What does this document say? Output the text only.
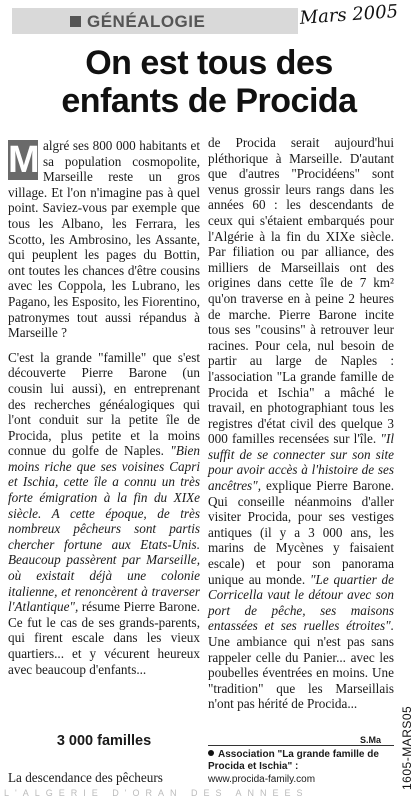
GÉNÉALOGIE	Mars 2005
On est tous des
enfants de Procida

M algré ses 800 000 habitants et sa population cosmopolite, Marseille reste un gros village. Et l'on n'imagine pas à quel point. Saviez-vous par exemple que tous les Albano, les Ferrara, les Scotto, les Ambrosino, les Assante, qui peuplent les pages du Bottin, ont toutes les chances d'être cousins avec les Coppola, les Lubrano, les Pagano, les Esposito, les Fiorentino, patronymes tout aussi répandus à Marseille ?

C'est la grande "famille" que s'est découverte Pierre Barone (un cousin lui aussi), en entreprenant des recherches généalogiques qui l'ont conduit sur la petite île de Procida, plus petite et la moins connue du golfe de Naples. "Bien moins riche que ses voisines Capri et Ischia, cette île a connu un très forte émigration à la fin du XIXe siècle. A cette époque, de très nombreux pêcheurs sont partis chercher fortune aux Etats-Unis. Beaucoup passèrent par Marseille, où existait déjà une colonie italienne, et renoncèrent à traverser l'Atlantique", résume Pierre Barone. Ce fut le cas de ses grands-parents, qui firent escale dans les vieux quartiers... et y vécurent heureux avec beaucoup d'enfants...

3 000 familles
La descendance des pêcheurs

de Procida serait aujourd'hui pléthorique à Marseille. D'autant que d'autres "Procidéens" sont venus grossir leurs rangs dans les années 60 : les descendants de ceux qui s'étaient embarqués pour l'Algérie à la fin du XIXe siècle. Par filiation ou par alliance, des milliers de Marseillais ont des origines dans cette île de 7 km² qu'on traverse en à peine 2 heures de marche. Pierre Barone incite tous ses "cousins" à retrouver leur racines. Pour cela, nul besoin de partir au large de Naples : l'association "La grande famille de Procida et Ischia" a mâché le travail, en photographiant tous les registres d'état civil des quelque 3 000 familles recensées sur l'île. "Il suffit de se connecter sur son site pour avoir accès à l'histoire de ses ancêtres", explique Pierre Barone. Qui conseille néanmoins d'aller visiter Procida, pour ses vestiges antiques (il y a 3 000 ans, les marins de Mycènes y faisaient escale) et pour son panorama unique au monde. "Le quartier de Corricella vaut le détour avec son port de pêche, ses maisons entassées et ses ruelles étroites". Une ambiance qui n'est pas sans rappeler celle du Panier... avec les poubelles éventrées en moins. Une "tradition" que les Marseillais n'ont pas hérité de Procida...

S.Ma
Association "La grande famille de Procida et Ischia" :
www.procida-family.com	1605-MARS05
L'ALGERIE D'ORAN DES ANNEES
